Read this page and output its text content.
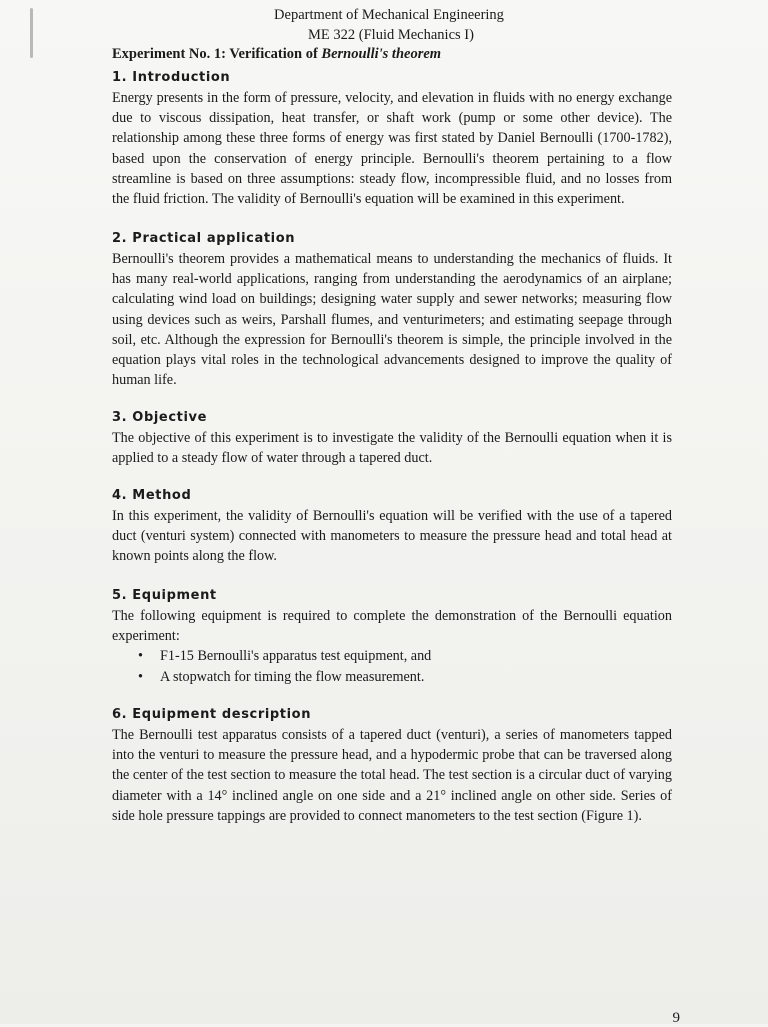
Department of Mechanical Engineering
ME 322 (Fluid Mechanics I)
Experiment No. 1: Verification of Bernoulli's theorem
1. Introduction

Energy presents in the form of pressure, velocity, and elevation in fluids with no energy exchange due to viscous dissipation, heat transfer, or shaft work (pump or some other device). The relationship among these three forms of energy was first stated by Daniel Bernoulli (1700-1782), based upon the conservation of energy principle. Bernoulli's theorem pertaining to a flow streamline is based on three assumptions: steady flow, incompressible fluid, and no losses from the fluid friction. The validity of Bernoulli's equation will be examined in this experiment.

2. Practical application

Bernoulli's theorem provides a mathematical means to understanding the mechanics of fluids. It has many real-world applications, ranging from understanding the aerodynamics of an airplane; calculating wind load on buildings; designing water supply and sewer networks; measuring flow using devices such as weirs, Parshall flumes, and venturimeters; and estimating seepage through soil, etc. Although the expression for Bernoulli's theorem is simple, the principle involved in the equation plays vital roles in the technological advancements designed to improve the quality of human life.

3. Objective

The objective of this experiment is to investigate the validity of the Bernoulli equation when it is applied to a steady flow of water through a tapered duct.

4. Method

In this experiment, the validity of Bernoulli's equation will be verified with the use of a tapered duct (venturi system) connected with manometers to measure the pressure head and total head at known points along the flow.

5. Equipment

The following equipment is required to complete the demonstration of the Bernoulli equation experiment:

• F1-15 Bernoulli's apparatus test equipment, and
• A stopwatch for timing the flow measurement.
6. Equipment description

The Bernoulli test apparatus consists of a tapered duct (venturi), a series of manometers tapped into the venturi to measure the pressure head, and a hypodermic probe that can be traversed along the center of the test section to measure the total head. The test section is a circular duct of varying diameter with a 14° inclined angle on one side and a 21° inclined angle on other side. Series of side hole pressure tappings are provided to connect manometers to the test section (Figure 1).

9
